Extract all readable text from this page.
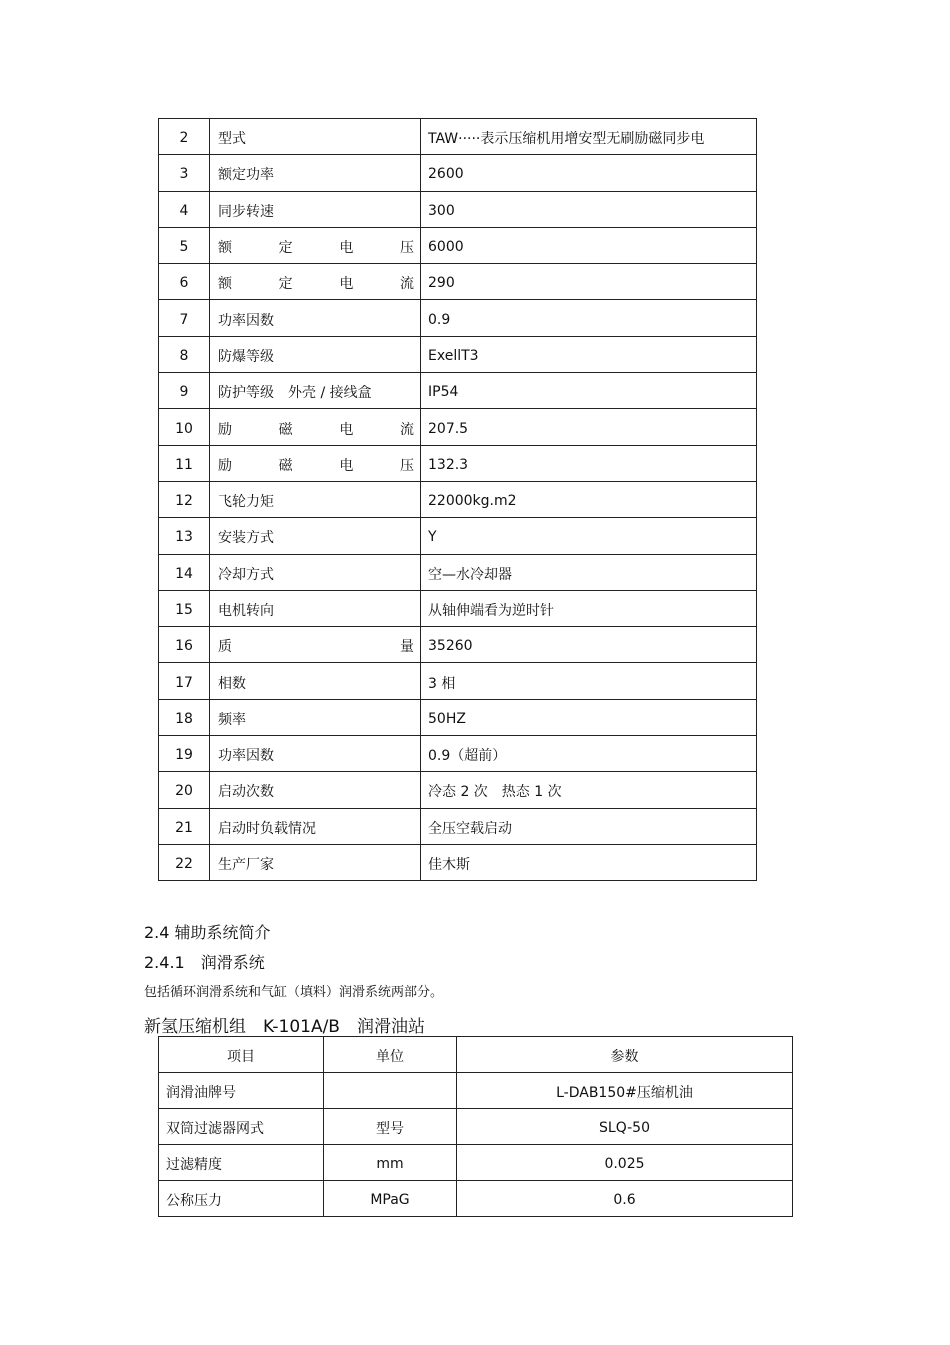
2	型式	TAW·····表示压缩机用增安型无刷励磁同步电
3	额定功率	2600
4	同步转速	300
5	额 定 电 压	6000
6	额 定 电 流	290
7	功率因数	0.9
8	防爆等级	ExellT3
9	防护等级　外壳 / 接线盒	IP54
10	励 磁 电 流	207.5
11	励 磁 电 压	132.3
12	飞轮力矩	22000kg.m2
13	安装方式	Y
14	冷却方式	空—水冷却器
15	电机转向	从轴伸端看为逆时针
16	质 量	35260
17	相数	3 相
18	频率	50HZ
19	功率因数	0.9（超前）
20	启动次数	冷态 2 次　热态 1 次
21	启动时负载情况	全压空载启动
22	生产厂家	佳木斯
2.4 辅助系统简介
2.4.1　润滑系统
包括循环润滑系统和气缸（填料）润滑系统两部分。
新氢压缩机组　K-101A/B　润滑油站
项目	单位	参数
润滑油牌号		L-DAB150#压缩机油
双筒过滤器网式	型号	SLQ-50
过滤精度	mm	0.025
公称压力	MPaG	0.6
